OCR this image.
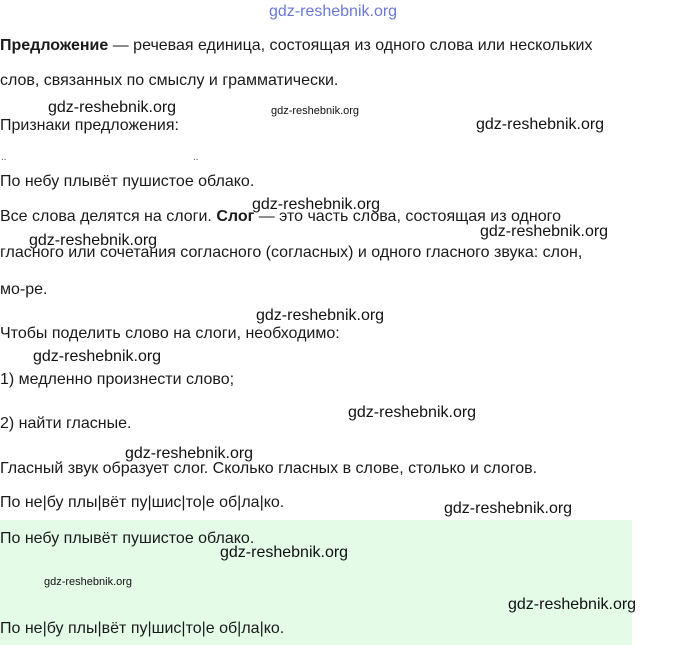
gdz-reshebnik.org
Предложение — речевая единица, состоящая из одного слова или нескольких
слов, связанных по смыслу и грамматически.
Признаки предложения:
..	..
По небу плывёт пушистое облако.
Все слова делятся на слоги. Слог — это часть слова, состоящая из одного
гласного или сочетания согласного (согласных) и одного гласного звука: слон,
мо-ре.
Чтобы поделить слово на слоги, необходимо:
1) медленно произнести слово;
2) найти гласные.
Гласный звук образует слог. Сколько гласных в слове, столько и слогов.
По не|бу плы|вёт пу|шис|то|е об|ла|ко.
По небу плывёт пушистое облако.
По не|бу плы|вёт пу|шис|то|е об|ла|ко.
gdz-reshebnik.org	gdz-reshebnik.org
gdz-reshebnik.org
gdz-reshebnik.org
gdz-reshebnik.org
gdz-reshebnik.org
gdz-reshebnik.org
gdz-reshebnik.org
gdz-reshebnik.org
gdz-reshebnik.org
gdz-reshebnik.org
gdz-reshebnik.org
gdz-reshebnik.org
gdz-reshebnik.org
